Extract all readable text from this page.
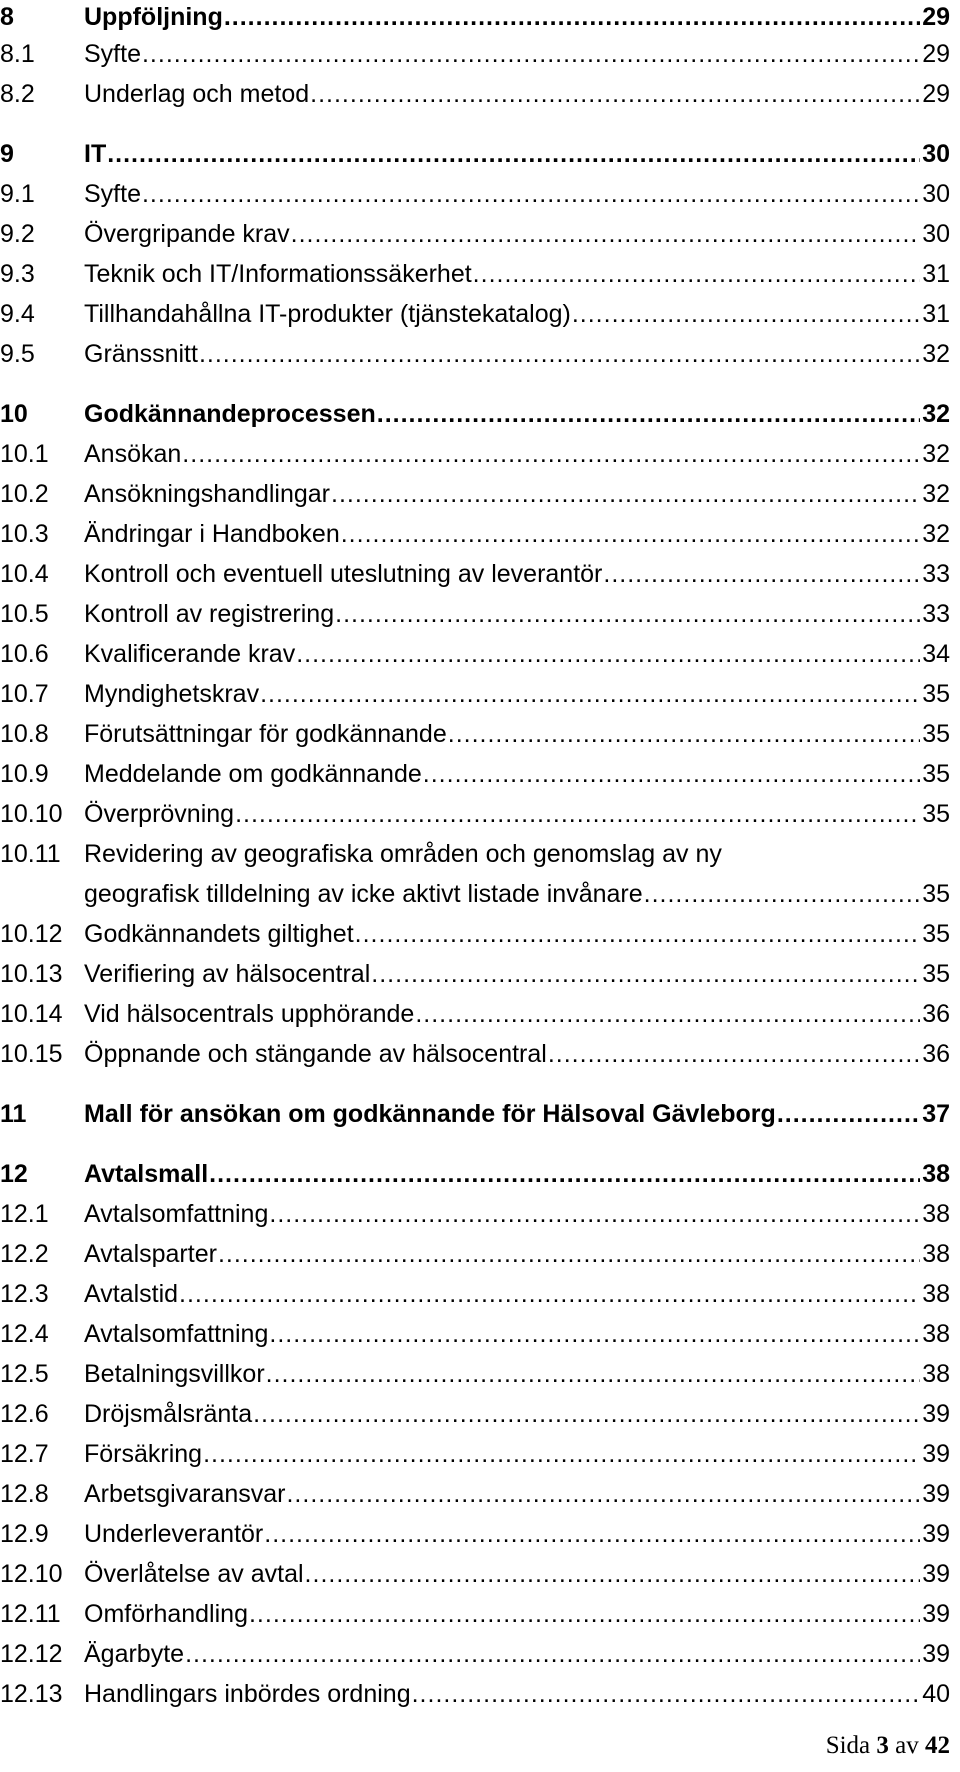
8	Uppföljning .....	29
8.1	Syfte .....	29
8.2	Underlag och metod .....	29
9	IT .....	30
9.1	Syfte .....	30
9.2	Övergripande krav .....	30
9.3	Teknik och IT/Informationssäkerhet .....	31
9.4	Tillhandahållna IT-produkter (tjänstekatalog) .....	31
9.5	Gränssnitt .....	32
10	Godkännandeprocessen .....	32
10.1	Ansökan .....	32
10.2	Ansökningshandlingar .....	32
10.3	Ändringar i Handboken .....	32
10.4	Kontroll och eventuell uteslutning av leverantör .....	33
10.5	Kontroll av registrering .....	33
10.6	Kvalificerande krav .....	34
10.7	Myndighetskrav .....	35
10.8	Förutsättningar för godkännande .....	35
10.9	Meddelande om godkännande .....	35
10.10 Överprövning .....	35
10.11 Revidering av geografiska områden och genomslag av ny
geografisk tilldelning av icke aktivt listade invånare .....	35
10.12 Godkännandets giltighet .....	35
10.13 Verifiering av hälsocentral .....	35
10.14 Vid hälsocentrals upphörande .....	36
10.15 Öppnande och stängande av hälsocentral .....	36
11	Mall för ansökan om godkännande för Hälsoval Gävleborg .....	37
12	Avtalsmall .....	38
12.1	Avtalsomfattning .....	38
12.2	Avtalsparter .....	38
12.3	Avtalstid .....	38
12.4	Avtalsomfattning .....	38
12.5	Betalningsvillkor .....	38
12.6	Dröjsmålsränta .....	39
12.7	Försäkring .....	39
12.8	Arbetsgivaransvar .....	39
12.9	Underleverantör .....	39
12.10 Överlåtelse av avtal .....	39
12.11 Omförhandling .....	39
12.12 Ägarbyte .....	39
12.13 Handlingars inbördes ordning .....	40
Sida 3 av 42
